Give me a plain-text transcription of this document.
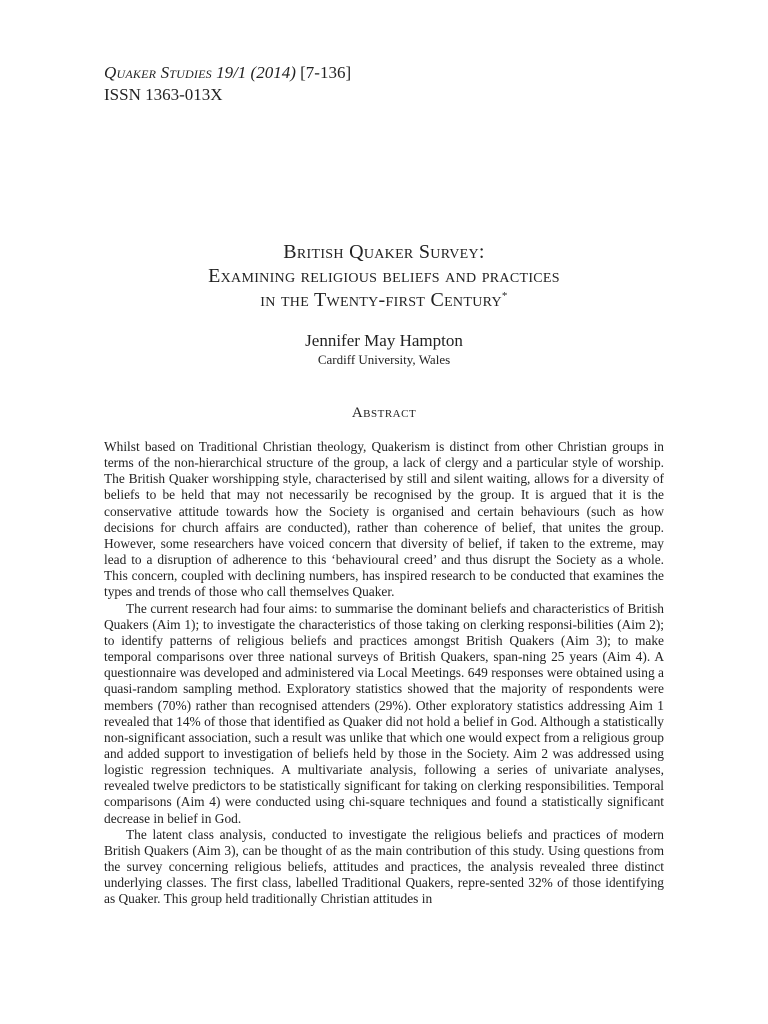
Quaker Studies 19/1 (2014) [7-136]
ISSN 1363-013X
British Quaker Survey:
Examining religious beliefs and practices
in the Twenty-first Century*
Jennifer May Hampton
Cardiff University, Wales
Abstract

Whilst based on Traditional Christian theology, Quakerism is distinct from other Christian groups in terms of the non-hierarchical structure of the group, a lack of clergy and a particular style of worship. The British Quaker worshipping style, characterised by still and silent waiting, allows for a diversity of beliefs to be held that may not necessarily be recognised by the group. It is argued that it is the conservative attitude towards how the Society is organised and certain behaviours (such as how decisions for church affairs are conducted), rather than coherence of belief, that unites the group. However, some researchers have voiced concern that diversity of belief, if taken to the extreme, may lead to a disruption of adherence to this ‘behavioural creed’ and thus disrupt the Society as a whole. This concern, coupled with declining numbers, has inspired research to be conducted that examines the types and trends of those who call themselves Quaker.

The current research had four aims: to summarise the dominant beliefs and characteristics of British Quakers (Aim 1); to investigate the characteristics of those taking on clerking responsi-bilities (Aim 2); to identify patterns of religious beliefs and practices amongst British Quakers (Aim 3); to make temporal comparisons over three national surveys of British Quakers, span-ning 25 years (Aim 4). A questionnaire was developed and administered via Local Meetings. 649 responses were obtained using a quasi-random sampling method. Exploratory statistics showed that the majority of respondents were members (70%) rather than recognised attenders (29%). Other exploratory statistics addressing Aim 1 revealed that 14% of those that identified as Quaker did not hold a belief in God. Although a statistically non-significant association, such a result was unlike that which one would expect from a religious group and added support to investigation of beliefs held by those in the Society. Aim 2 was addressed using logistic regression techniques. A multivariate analysis, following a series of univariate analyses, revealed twelve predictors to be statistically significant for taking on clerking responsibilities. Temporal comparisons (Aim 4) were conducted using chi-square techniques and found a statistically significant decrease in belief in God.

The latent class analysis, conducted to investigate the religious beliefs and practices of modern British Quakers (Aim 3), can be thought of as the main contribution of this study. Using questions from the survey concerning religious beliefs, attitudes and practices, the analysis revealed three distinct underlying classes. The first class, labelled Traditional Quakers, repre-sented 32% of those identifying as Quaker. This group held traditionally Christian attitudes in
